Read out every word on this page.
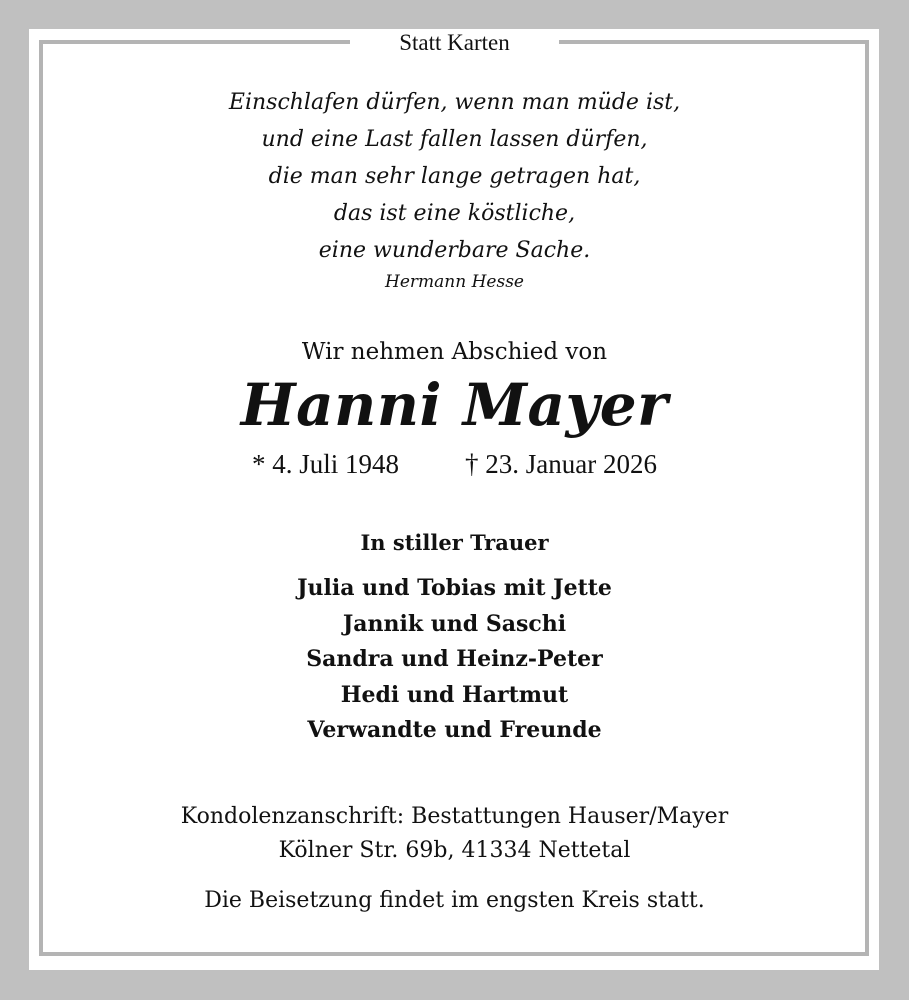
Statt Karten
Einschlafen dürfen, wenn man müde ist,
und eine Last fallen lassen dürfen,
die man sehr lange getragen hat,
das ist eine köstliche,
eine wunderbare Sache.
Hermann Hesse
Wir nehmen Abschied von
Hanni Mayer
* 4. Juli 1948 † 23. Januar 2026
In stiller Trauer
Julia und Tobias mit Jette
Jannik und Saschi
Sandra und Heinz-Peter
Hedi und Hartmut
Verwandte und Freunde
Kondolenzanschrift: Bestattungen Hauser/Mayer
Kölner Str. 69b, 41334 Nettetal
Die Beisetzung findet im engsten Kreis statt.
